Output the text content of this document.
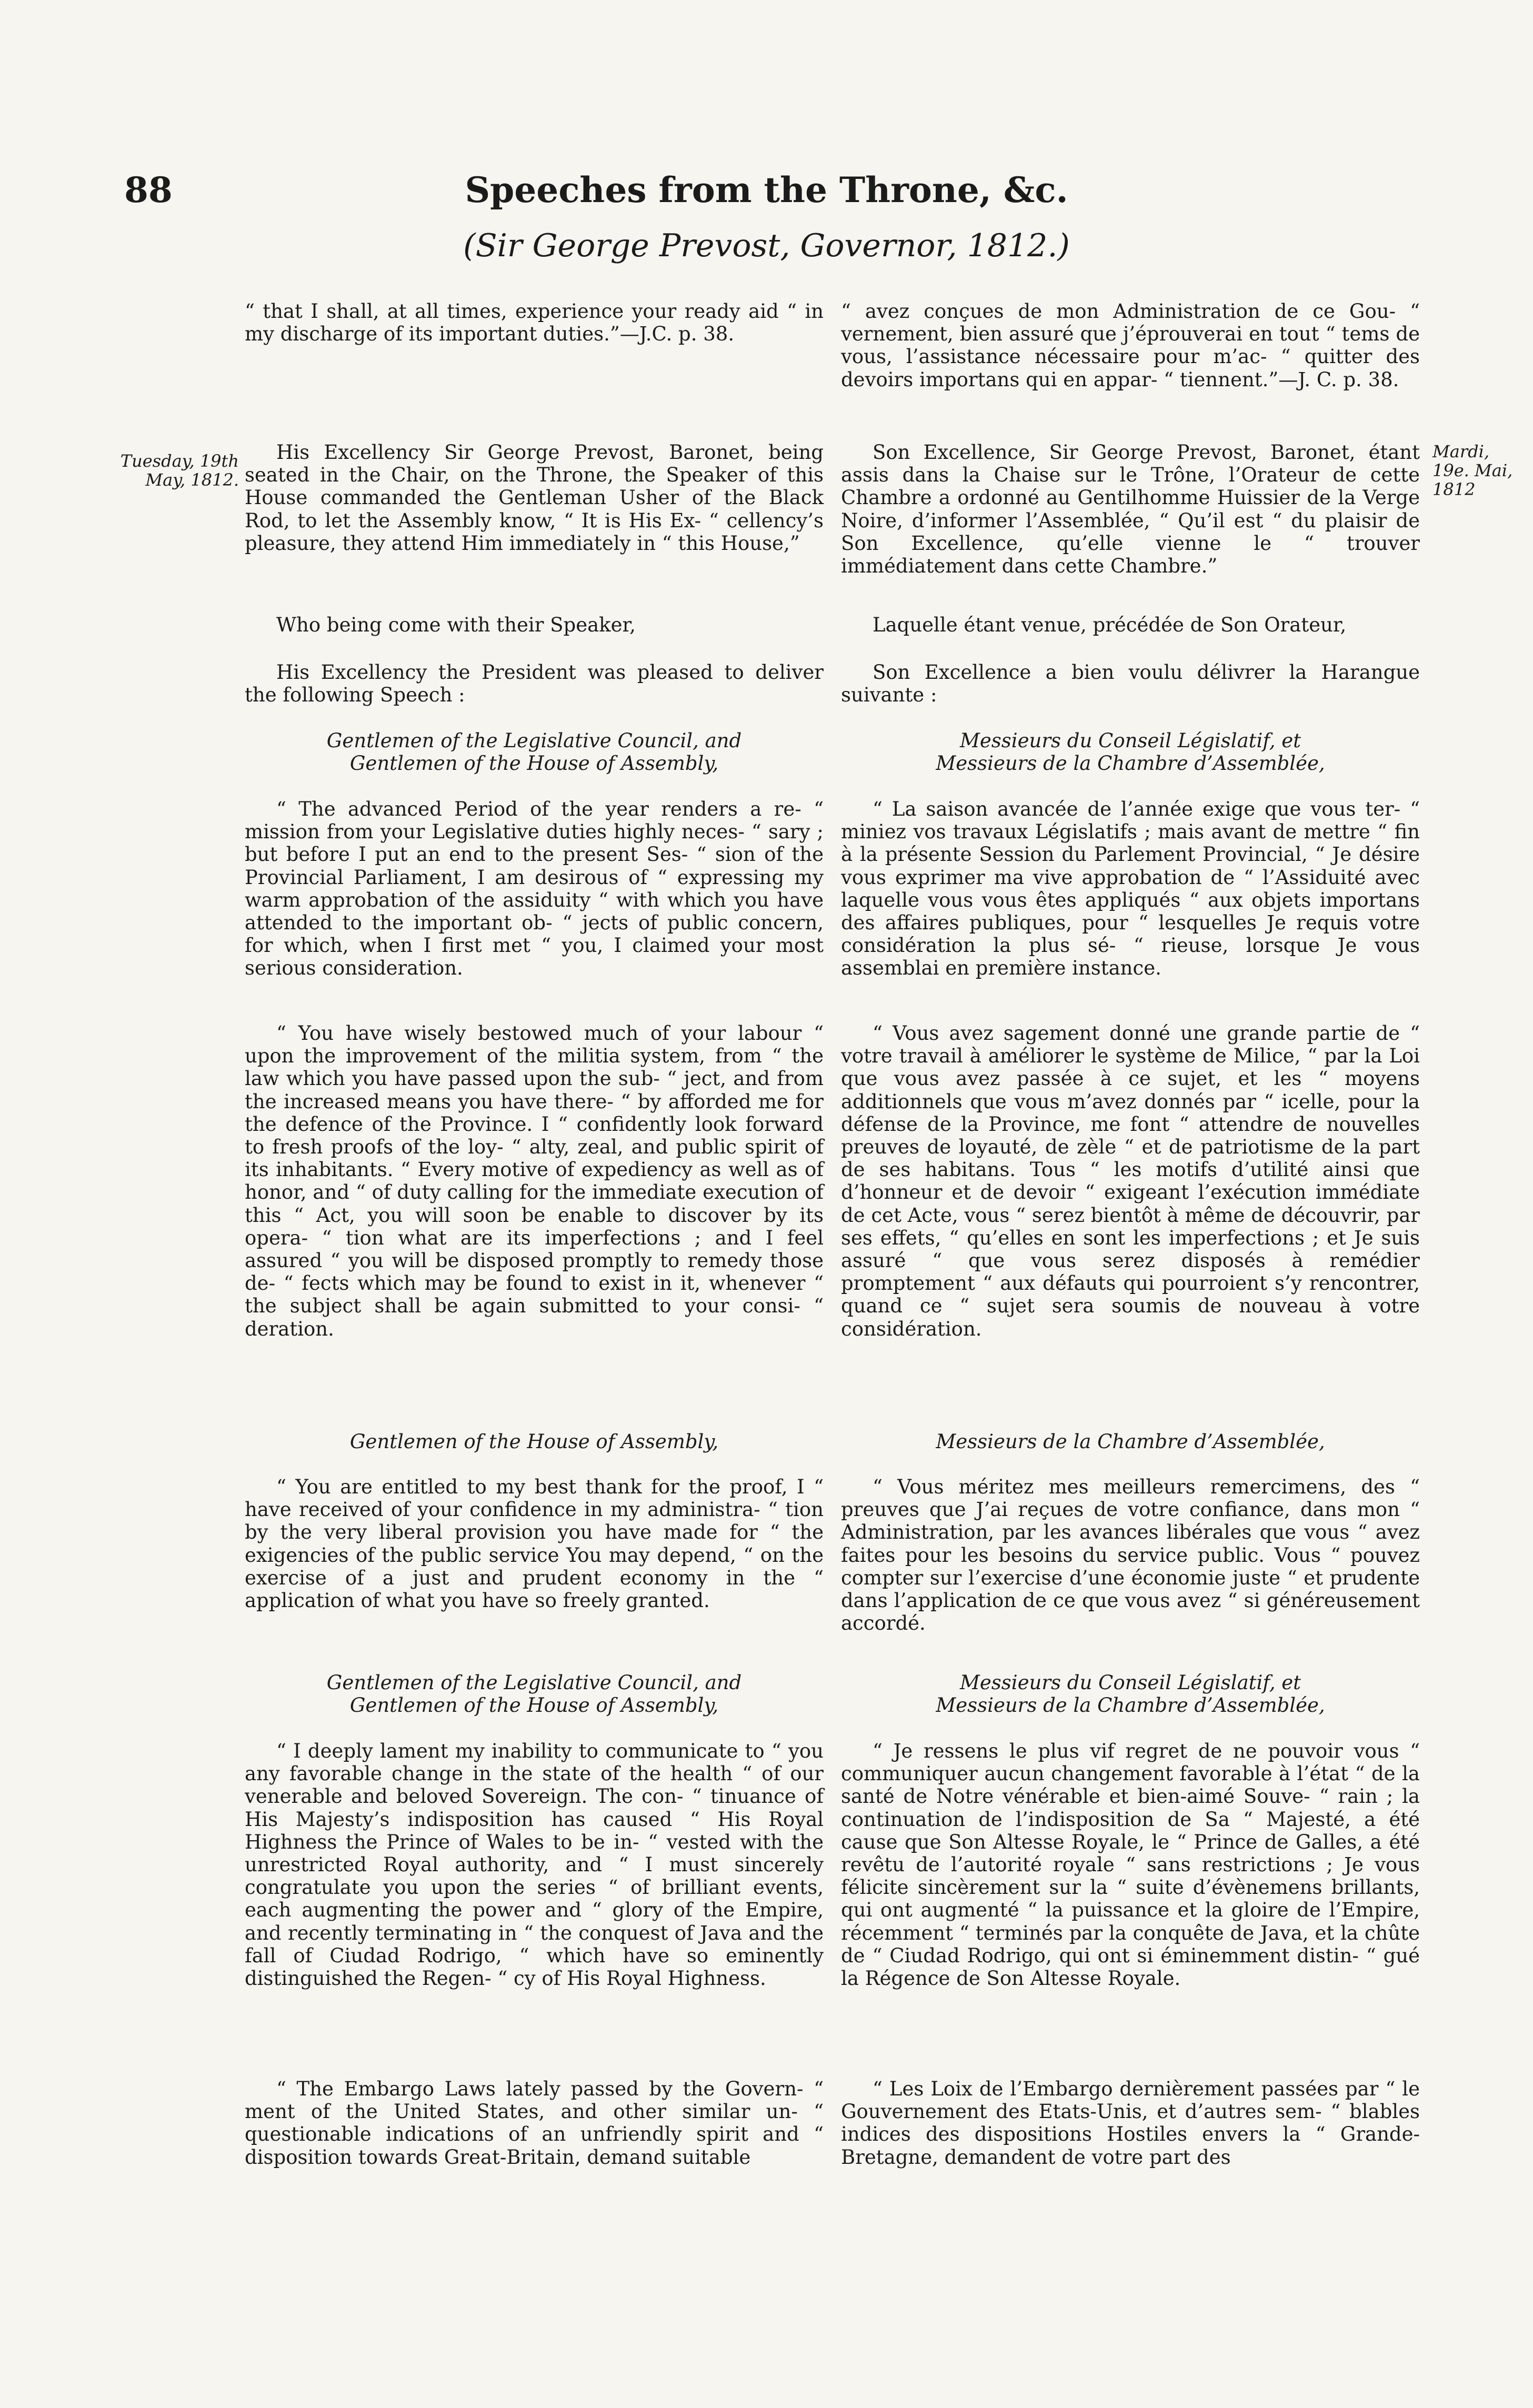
88	Speeches from the Throne, &c.
(Sir George Prevost, Governor, 1812.)
Tuesday, 19th May, 1812.
Mardi, 19e. Mai, 1812
“ that I shall, at all times, experience your ready aid “ in my discharge of its important duties.”—J.C. p. 38.
His Excellency Sir George Prevost, Baronet, being seated in the Chair, on the Throne, the Speaker of this House commanded the Gentleman Usher of the Black Rod, to let the Assembly know, “ It is His Ex- “ cellency’s pleasure, they attend Him immediately in “ this House,”
Who being come with their Speaker,
His Excellency the President was pleased to deliver the following Speech :
Gentlemen of the Legislative Council, and
Gentlemen of the House of Assembly,
“ The advanced Period of the year renders a re- “ mission from your Legislative duties highly neces- “ sary ; but before I put an end to the present Ses- “ sion of the Provincial Parliament, I am desirous of “ expressing my warm approbation of the assiduity “ with which you have attended to the important ob- “ jects of public concern, for which, when I first met “ you, I claimed your most serious consideration.
“ You have wisely bestowed much of your labour “ upon the improvement of the militia system, from “ the law which you have passed upon the sub- “ ject, and from the increased means you have there- “ by afforded me for the defence of the Province. I “ confidently look forward to fresh proofs of the loy- “ alty, zeal, and public spirit of its inhabitants. “ Every motive of expediency as well as of honor, and “ of duty calling for the immediate execution of this “ Act, you will soon be enable to discover by its opera- “ tion what are its imperfections ; and I feel assured “ you will be disposed promptly to remedy those de- “ fects which may be found to exist in it, whenever “ the subject shall be again submitted to your consi- “ deration.
Gentlemen of the House of Assembly,
“ You are entitled to my best thank for the proof, I “ have received of your confidence in my administra- “ tion by the very liberal provision you have made for “ the exigencies of the public service You may depend, “ on the exercise of a just and prudent economy in the “ application of what you have so freely granted.
Gentlemen of the Legislative Council, and
Gentlemen of the House of Assembly,
“ I deeply lament my inability to communicate to “ you any favorable change in the state of the health “ of our venerable and beloved Sovereign. The con- “ tinuance of His Majesty’s indisposition has caused “ His Royal Highness the Prince of Wales to be in- “ vested with the unrestricted Royal authority, and “ I must sincerely congratulate you upon the series “ of brilliant events, each augmenting the power and “ glory of the Empire, and recently terminating in “ the conquest of Java and the fall of Ciudad Rodrigo, “ which have so eminently distinguished the Regen- “ cy of His Royal Highness.
“ The Embargo Laws lately passed by the Govern- “ ment of the United States, and other similar un- “ questionable indications of an unfriendly spirit and “ disposition towards Great-Britain, demand suitable
“ avez conçues de mon Administration de ce Gou- “ vernement, bien assuré que j’éprouverai en tout “ tems de vous, l’assistance nécessaire pour m’ac- “ quitter des devoirs importans qui en appar- “ tiennent.”—J. C. p. 38.
Son Excellence, Sir George Prevost, Baronet, étant assis dans la Chaise sur le Trône, l’Orateur de cette Chambre a ordonné au Gentilhomme Huissier de la Verge Noire, d’informer l’Assemblée, “ Qu’il est “ du plaisir de Son Excellence, qu’elle vienne le “ trouver immédiatement dans cette Chambre.”
Laquelle étant venue, précédée de Son Orateur,
Son Excellence a bien voulu délivrer la Harangue suivante :
Messieurs du Conseil Législatif, et
Messieurs de la Chambre d’Assemblée,
“ La saison avancée de l’année exige que vous ter- “ miniez vos travaux Législatifs ; mais avant de mettre “ fin à la présente Session du Parlement Provincial, “ Je désire vous exprimer ma vive approbation de “ l’Assiduité avec laquelle vous vous êtes appliqués “ aux objets importans des affaires publiques, pour “ lesquelles Je requis votre considération la plus sé- “ rieuse, lorsque Je vous assemblai en première instance.
“ Vous avez sagement donné une grande partie de “ votre travail à améliorer le système de Milice, “ par la Loi que vous avez passée à ce sujet, et les “ moyens additionnels que vous m’avez donnés par “ icelle, pour la défense de la Province, me font “ attendre de nouvelles preuves de loyauté, de zèle “ et de patriotisme de la part de ses habitans. Tous “ les motifs d’utilité ainsi que d’honneur et de devoir “ exigeant l’exécution immédiate de cet Acte, vous “ serez bientôt à même de découvrir, par ses effets, “ qu’elles en sont les imperfections ; et Je suis assuré “ que vous serez disposés à remédier promptement “ aux défauts qui pourroient s’y rencontrer, quand ce “ sujet sera soumis de nouveau à votre considération.
Messieurs de la Chambre d’Assemblée,
“ Vous méritez mes meilleurs remercimens, des “ preuves que J’ai reçues de votre confiance, dans mon “ Administration, par les avances libérales que vous “ avez faites pour les besoins du service public. Vous “ pouvez compter sur l’exercise d’une économie juste “ et prudente dans l’application de ce que vous avez “ si généreusement accordé.
Messieurs du Conseil Législatif, et
Messieurs de la Chambre d’Assemblée,
“ Je ressens le plus vif regret de ne pouvoir vous “ communiquer aucun changement favorable à l’état “ de la santé de Notre vénérable et bien-aimé Souve- “ rain ; la continuation de l’indisposition de Sa “ Majesté, a été cause que Son Altesse Royale, le “ Prince de Galles, a été revêtu de l’autorité royale “ sans restrictions ; Je vous félicite sincèrement sur la “ suite d’évènemens brillants, qui ont augmenté “ la puissance et la gloire de l’Empire, récemment “ terminés par la conquête de Java, et la chûte de “ Ciudad Rodrigo, qui ont si éminemment distin- “ gué la Régence de Son Altesse Royale.
“ Les Loix de l’Embargo dernièrement passées par “ le Gouvernement des Etats-Unis, et d’autres sem- “ blables indices des dispositions Hostiles envers la “ Grande-Bretagne, demandent de votre part des
